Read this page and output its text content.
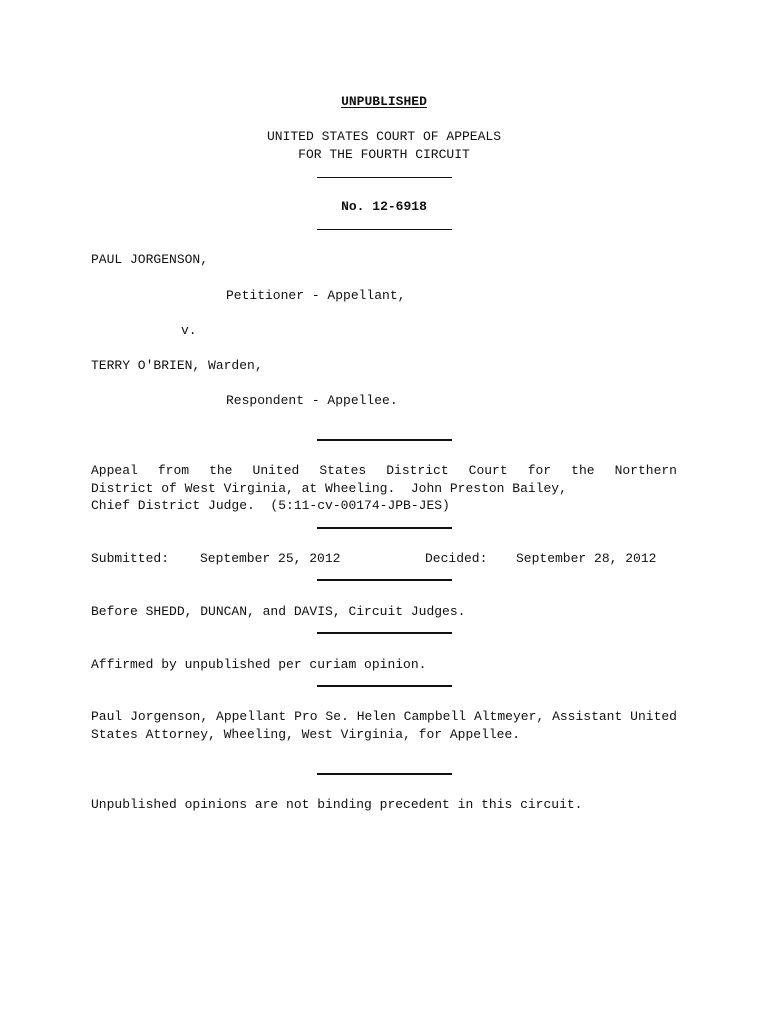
UNPUBLISHED
UNITED STATES COURT OF APPEALS
FOR THE FOURTH CIRCUIT
No. 12-6918
PAUL JORGENSON,
Petitioner - Appellant,
v.
TERRY O'BRIEN, Warden,
Respondent - Appellee.
Appeal from the United States District Court for the Northern
District of West Virginia, at Wheeling.  John Preston Bailey,
Chief District Judge.  (5:11-cv-00174-JPB-JES)
Submitted: September 25, 2012	Decided: September 28, 2012
Before SHEDD, DUNCAN, and DAVIS, Circuit Judges.
Affirmed by unpublished per curiam opinion.
Paul Jorgenson, Appellant Pro Se. Helen Campbell Altmeyer, Assistant United States Attorney, Wheeling, West Virginia, for Appellee.
Unpublished opinions are not binding precedent in this circuit.
